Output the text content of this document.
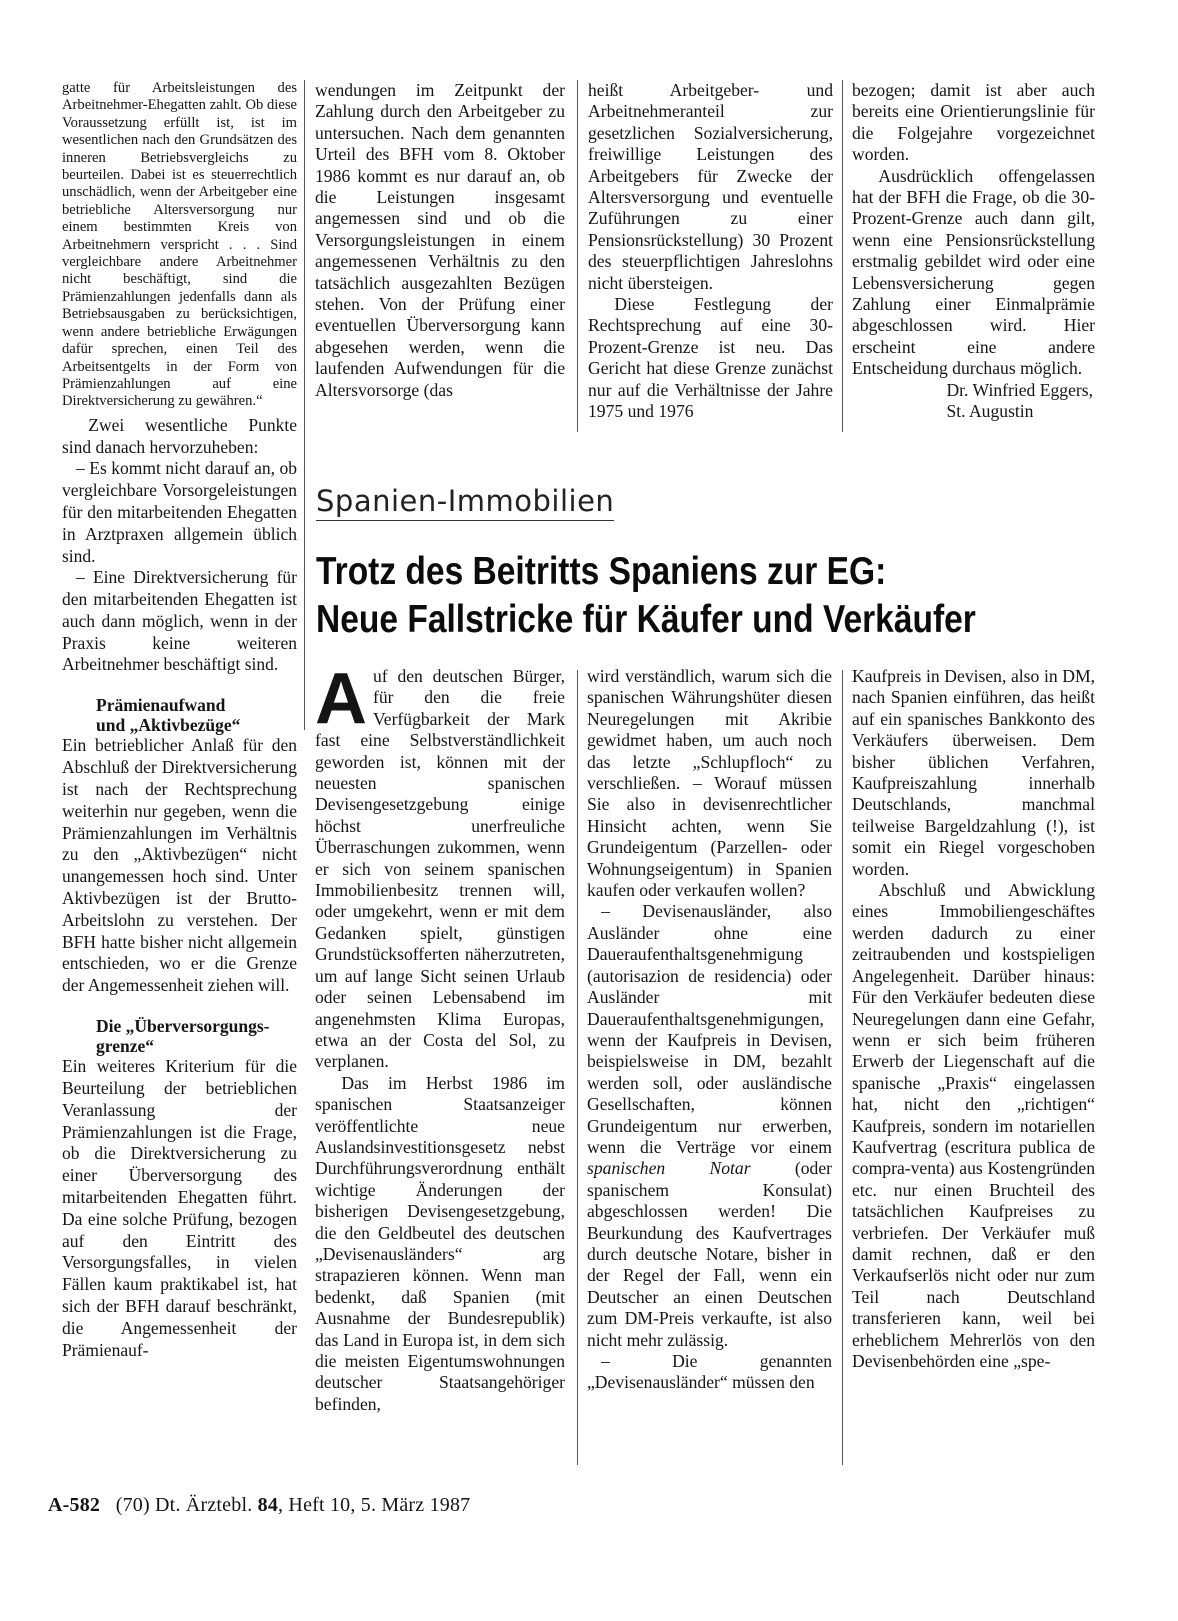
gatte für Arbeitsleistungen des Arbeitnehmer-Ehegatten zahlt. Ob diese Voraussetzung erfüllt ist, ist im wesentlichen nach den Grundsätzen des inneren Betriebsvergleichs zu beurteilen. Dabei ist es steuerrechtlich unschädlich, wenn der Arbeitgeber eine betriebliche Altersversorgung nur einem bestimmten Kreis von Arbeitnehmern verspricht . . . Sind vergleichbare andere Arbeitnehmer nicht beschäftigt, sind die Prämienzahlungen jedenfalls dann als Betriebsausgaben zu berücksichtigen, wenn andere betriebliche Erwägungen dafür sprechen, einen Teil des Arbeitsentgelts in der Form von Prämienzahlungen auf eine Direktversicherung zu gewähren.“

Zwei wesentliche Punkte sind danach hervorzuheben:

– Es kommt nicht darauf an, ob vergleichbare Vorsorgeleistungen für den mitarbeitenden Ehegatten in Arztpraxen allgemein üblich sind.

– Eine Direktversicherung für den mitarbeitenden Ehegatten ist auch dann möglich, wenn in der Praxis keine weiteren Arbeitnehmer beschäftigt sind.

Prämienaufwand
und „Aktivbezüge“

Ein betrieblicher Anlaß für den Abschluß der Direktversicherung ist nach der Rechtsprechung weiterhin nur gegeben, wenn die Prämienzahlungen im Verhältnis zu den „Aktivbezügen“ nicht unangemessen hoch sind. Unter Aktivbezügen ist der Brutto-Arbeitslohn zu verstehen. Der BFH hatte bisher nicht allgemein entschieden, wo er die Grenze der Angemessenheit ziehen will.

Die „Überversorgungs-
grenze“

Ein weiteres Kriterium für die Beurteilung der betrieblichen Veranlassung der Prämienzahlungen ist die Frage, ob die Direktversicherung zu einer Überversorgung des mitarbeitenden Ehegatten führt. Da eine solche Prüfung, bezogen auf den Eintritt des Versorgungsfalles, in vielen Fällen kaum praktikabel ist, hat sich der BFH darauf beschränkt, die Angemessenheit der Prämienauf-

wendungen im Zeitpunkt der Zahlung durch den Arbeitgeber zu untersuchen. Nach dem genannten Urteil des BFH vom 8. Oktober 1986 kommt es nur darauf an, ob die Leistungen insgesamt angemessen sind und ob die Versorgungsleistungen in einem angemessenen Verhältnis zu den tatsächlich ausgezahlten Bezügen stehen. Von der Prüfung einer eventuellen Überversorgung kann abgesehen werden, wenn die laufenden Aufwendungen für die Altersvorsorge (das

heißt Arbeitgeber- und Arbeitnehmeranteil zur gesetzlichen Sozialversicherung, freiwillige Leistungen des Arbeitgebers für Zwecke der Altersversorgung und eventuelle Zuführungen zu einer Pensionsrückstellung) 30 Prozent des steuerpflichtigen Jahreslohns nicht übersteigen.

Diese Festlegung der Rechtsprechung auf eine 30-Prozent-Grenze ist neu. Das Gericht hat diese Grenze zunächst nur auf die Verhältnisse der Jahre 1975 und 1976

bezogen; damit ist aber auch bereits eine Orientierungslinie für die Folgejahre vorgezeichnet worden.

Ausdrücklich offengelassen hat der BFH die Frage, ob die 30-Prozent-Grenze auch dann gilt, wenn eine Pensionsrückstellung erstmalig gebildet wird oder eine Lebensversicherung gegen Zahlung einer Einmalprämie abgeschlossen wird. Hier erscheint eine andere Entscheidung durchaus möglich.

Dr. Winfried Eggers,
St. Augustin
Spanien-Immobilien
Trotz des Beitritts Spaniens zur EG:
Neue Fallstricke für Käufer und Verkäufer

Auf den deutschen Bürger, für den die freie Verfügbarkeit der Mark fast eine Selbstverständlichkeit geworden ist, können mit der neuesten spanischen Devisengesetzgebung einige höchst unerfreuliche Überraschungen zukommen, wenn er sich von seinem spanischen Immobilienbesitz trennen will, oder umgekehrt, wenn er mit dem Gedanken spielt, günstigen Grundstücksofferten näherzutreten, um auf lange Sicht seinen Urlaub oder seinen Lebensabend im angenehmsten Klima Europas, etwa an der Costa del Sol, zu verplanen.

Das im Herbst 1986 im spanischen Staatsanzeiger veröffentlichte neue Auslandsinvestitionsgesetz nebst Durchführungsverordnung enthält wichtige Änderungen der bisherigen Devisengesetzgebung, die den Geldbeutel des deutschen „Devisenausländers“ arg strapazieren können. Wenn man bedenkt, daß Spanien (mit Ausnahme der Bundesrepublik) das Land in Europa ist, in dem sich die meisten Eigentumswohnungen deutscher Staatsangehöriger befinden,

wird verständlich, warum sich die spanischen Währungshüter diesen Neuregelungen mit Akribie gewidmet haben, um auch noch das letzte „Schlupfloch“ zu verschließen. – Worauf müssen Sie also in devisenrechtlicher Hinsicht achten, wenn Sie Grundeigentum (Parzellen- oder Wohnungseigentum) in Spanien kaufen oder verkaufen wollen?

– Devisenausländer, also Ausländer ohne eine Daueraufenthaltsgenehmigung (autorisazion de residencia) oder Ausländer mit Daueraufenthaltsgenehmigungen, wenn der Kaufpreis in Devisen, beispielsweise in DM, bezahlt werden soll, oder ausländische Gesellschaften, können Grundeigentum nur erwerben, wenn die Verträge vor einem spanischen Notar	(oder spanischem Konsulat) abgeschlossen werden! Die Beurkundung des Kaufvertrages durch deutsche Notare, bisher in der Regel der Fall, wenn ein Deutscher an einen Deutschen zum DM-Preis verkaufte, ist also nicht mehr zulässig.

– Die genannten „Devisenausländer“ müssen den

Kaufpreis in Devisen, also in DM, nach Spanien einführen, das heißt auf ein spanisches Bankkonto des Verkäufers überweisen. Dem bisher üblichen Verfahren, Kaufpreiszahlung innerhalb Deutschlands, manchmal teilweise Bargeldzahlung (!), ist somit ein Riegel vorgeschoben worden.

Abschluß und Abwicklung eines Immobiliengeschäftes werden dadurch zu einer zeitraubenden und kostspieligen Angelegenheit. Darüber hinaus: Für den Verkäufer bedeuten diese Neuregelungen dann eine Gefahr, wenn er sich beim früheren Erwerb der Liegenschaft auf die spanische „Praxis“ eingelassen hat, nicht den „richtigen“ Kaufpreis, sondern im notariellen Kaufvertrag (escritura publica de compra-venta) aus Kostengründen etc. nur einen Bruchteil des tatsächlichen Kaufpreises zu verbriefen. Der Verkäufer muß damit rechnen, daß er den Verkaufserlös nicht oder nur zum Teil nach Deutschland transferieren kann, weil bei erheblichem Mehrerlös von den Devisenbehörden eine „spe-

A-582 (70) Dt. Ärztebl. 84, Heft 10, 5. März 1987
